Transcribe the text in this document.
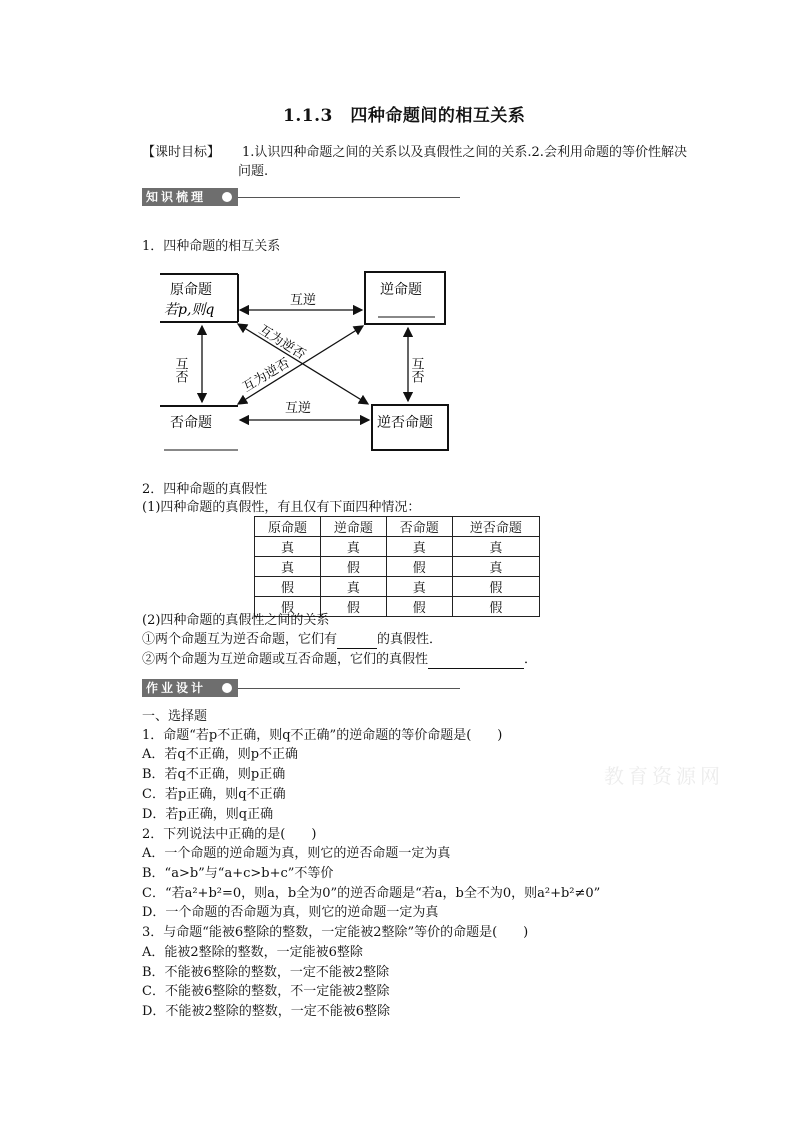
1.1.3　四种命题间的相互关系
【课时目标】	1.认识四种命题之间的关系以及真假性之间的关系.2.会利用命题的等价性解决问题.
知识梳理
1．四种命题的相互关系
原命题
若p,则q
逆命题
否命题	逆否命题
互逆
互逆
互否	互否
互为逆否
互为逆否
2．四种命题的真假性
(1)四种命题的真假性，有且仅有下面四种情况：
原命题	逆命题	否命题	逆否命题
真	真	真	真
真	假	假	真
假	真	真	假
假	假	假	假
(2)四种命题的真假性之间的关系
①两个命题互为逆否命题，它们有	的真假性．
②两个命题为互逆命题或互否命题，它们的真假性	．
作业设计
一、选择题
1．命题“若p不正确，则q不正确”的逆命题的等价命题是(　　)
A．若q不正确，则p不正确
B．若q不正确，则p正确
C．若p正确，则q不正确
D．若p正确，则q正确
2．下列说法中正确的是(　　)
A．一个命题的逆命题为真，则它的逆否命题一定为真
B．“a>b”与“a+c>b+c”不等价
C．“若a²+b²=0，则a，b全为0”的逆否命题是“若a，b全不为0，则a²+b²≠0”
D．一个命题的否命题为真，则它的逆命题一定为真
3．与命题“能被6整除的整数，一定能被2整除”等价的命题是(　　)
A．能被2整除的整数，一定能被6整除
B．不能被6整除的整数，一定不能被2整除
C．不能被6整除的整数，不一定能被2整除
D．不能被2整除的整数，一定不能被6整除
教育资源网
